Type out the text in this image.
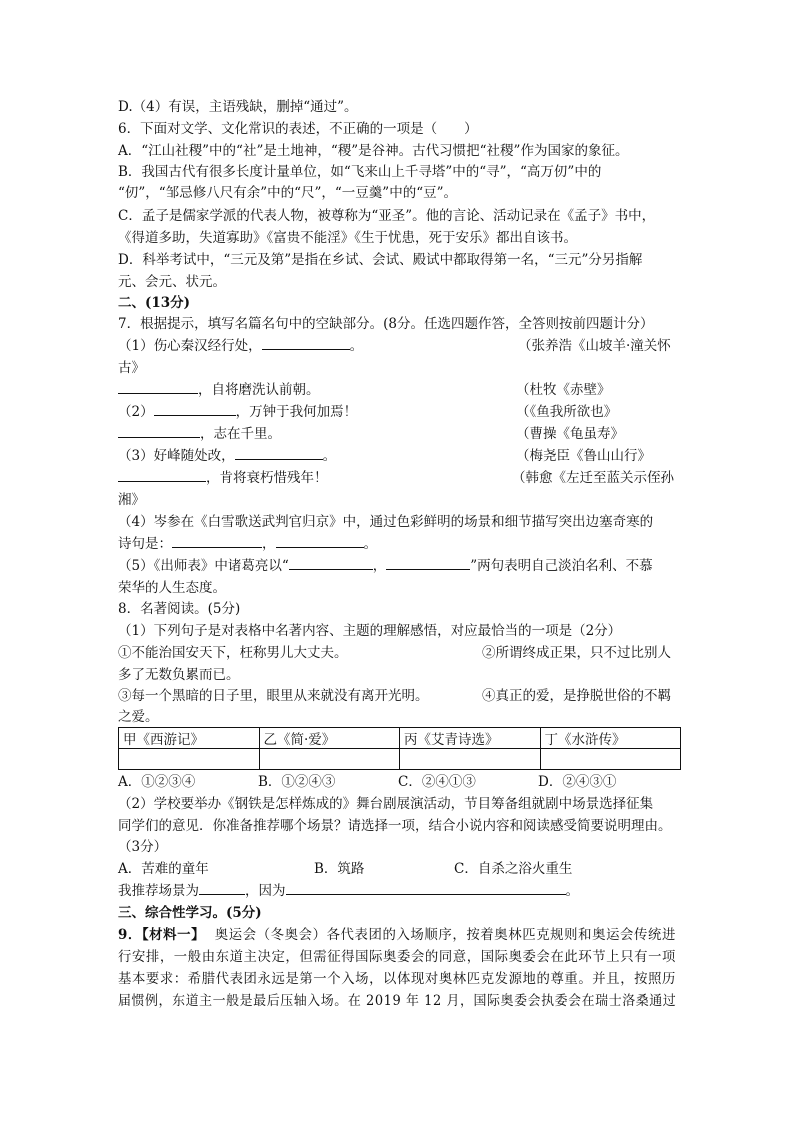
D.（4）有误，主语残缺，删掉“通过”。
6．下面对文学、文化常识的表述，不正确的一项是（　　）
A．“江山社稷”中的“社”是土地神，“稷”是谷神。古代习惯把“社稷”作为国家的象征。
B．我国古代有很多长度计量单位，如“飞来山上千寻塔”中的“寻”，“高万仞”中的
“仞”，“邹忌修八尺有余”中的“尺”，“一豆羹”中的“豆”。
C．孟子是儒家学派的代表人物，被尊称为“亚圣”。他的言论、活动记录在《孟子》书中，
《得道多助，失道寡助》《富贵不能淫》《生于忧患，死于安乐》都出自该书。
D．科举考试中，“三元及第”是指在乡试、会试、殿试中都取得第一名，“三元”分另指解
元、会元、状元。
二、(13分)
7．根据提示，填写名篇名句中的空缺部分。(8分。任选四题作答，全答则按前四题计分）
（1）伤心秦汉经行处，	。	（张养浩《山坡羊·潼关怀
古》
，自将磨洗认前朝。	（杜牧《赤壁》
（2）	，万钟于我何加焉！	（《鱼我所欲也》
，志在千里。	（曹操《龟虽寿》
（3）好峰随处改，	。	（梅尧臣《鲁山山行》
，肯将衰朽惜残年！	（韩愈《左迁至蓝关示侄孙
湘》
（4）岑参在《白雪歌送武判官归京》中，通过色彩鲜明的场景和细节描写突出边塞奇寒的
诗句是：	，	。
（5）《出师表》中诸葛亮以“	，	”两句表明自己淡泊名利、不慕
荣华的人生态度。
8．名著阅读。(5分)
（1）下列句子是对表格中名著内容、主题的理解感悟，对应最恰当的一项是（2分）
①不能治国安天下，枉称男儿大丈夫。	②所谓终成正果，只不过比别人
多了无数负累而已。
③每一个黑暗的日子里，眼里从来就没有离开光明。	④真正的爱，是挣脱世俗的不羁
之爱。
甲《西游记》	乙《简·爱》	丙《艾青诗选》	丁《水浒传》

A．①②③④	B．①②④③	C．②④①③	D．②④③①
（2）学校要举办《钢铁是怎样炼成的》舞台剧展演活动，节目筹备组就剧中场景选择征集
同学们的意见．你准备推荐哪个场景？请选择一项，结合小说内容和阅读感受简要说明理由。
（3分）
A．苦难的童年	B．筑路	C．自杀之浴火重生
我推荐场景为	，因为	。
三、综合性学习。(5分)
9．【材料一】 奥运会（冬奥会）各代表团的入场顺序，按着奥林匹克规则和奥运会传统进
行安排，一般由东道主决定，但需征得国际奥委会的同意，国际奥委会在此环节上只有一项
基本要求：希腊代表团永远是第一个入场，以体现对奥林匹克发源地的尊重。并且，按照历
届惯例，东道主一般是最后压轴入场。在 2019 年 12 月，国际奥委会执委会在瑞士洛桑通过
